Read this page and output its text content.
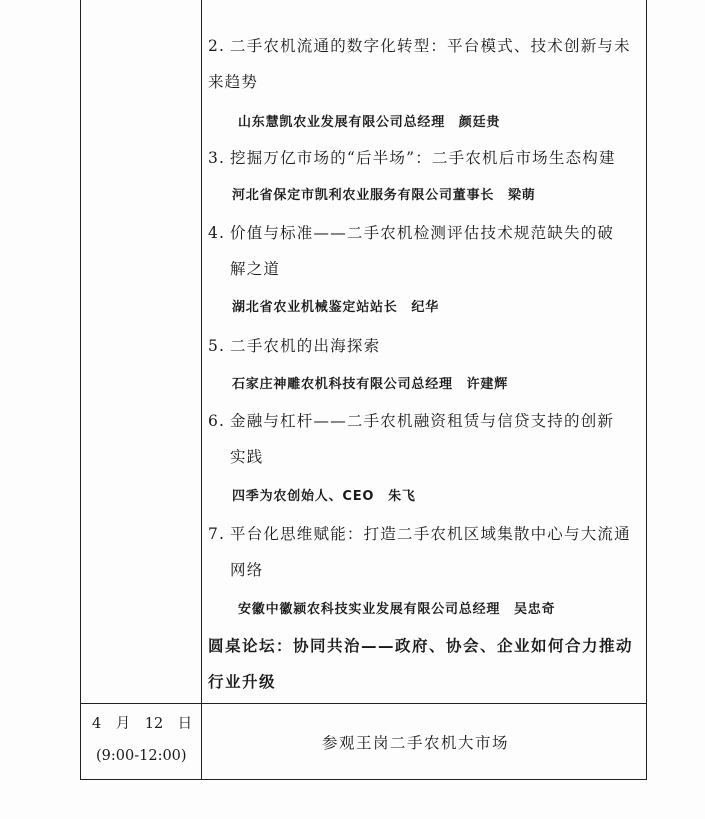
2. 二手农机流通的数字化转型：平台模式、技术创新与未
来趋势
山东慧凯农业发展有限公司总经理　颜廷贵
3. 挖掘万亿市场的“后半场”：二手农机后市场生态构建
河北省保定市凯利农业服务有限公司董事长　梁萌
4. 价值与标准——二手农机检测评估技术规范缺失的破
解之道
湖北省农业机械鉴定站站长　纪华
5. 二手农机的出海探索
石家庄神雕农机科技有限公司总经理　许建辉
6. 金融与杠杆——二手农机融资租赁与信贷支持的创新
实践
四季为农创始人、CEO　朱飞
7. 平台化思维赋能：打造二手农机区域集散中心与大流通
网络
安徽中徽颍农科技实业发展有限公司总经理　吴忠奇
圆桌论坛：协同共治——政府、协会、企业如何合力推动
行业升级
4　月　12　日
(9:00-12:00)
参观王岗二手农机大市场
